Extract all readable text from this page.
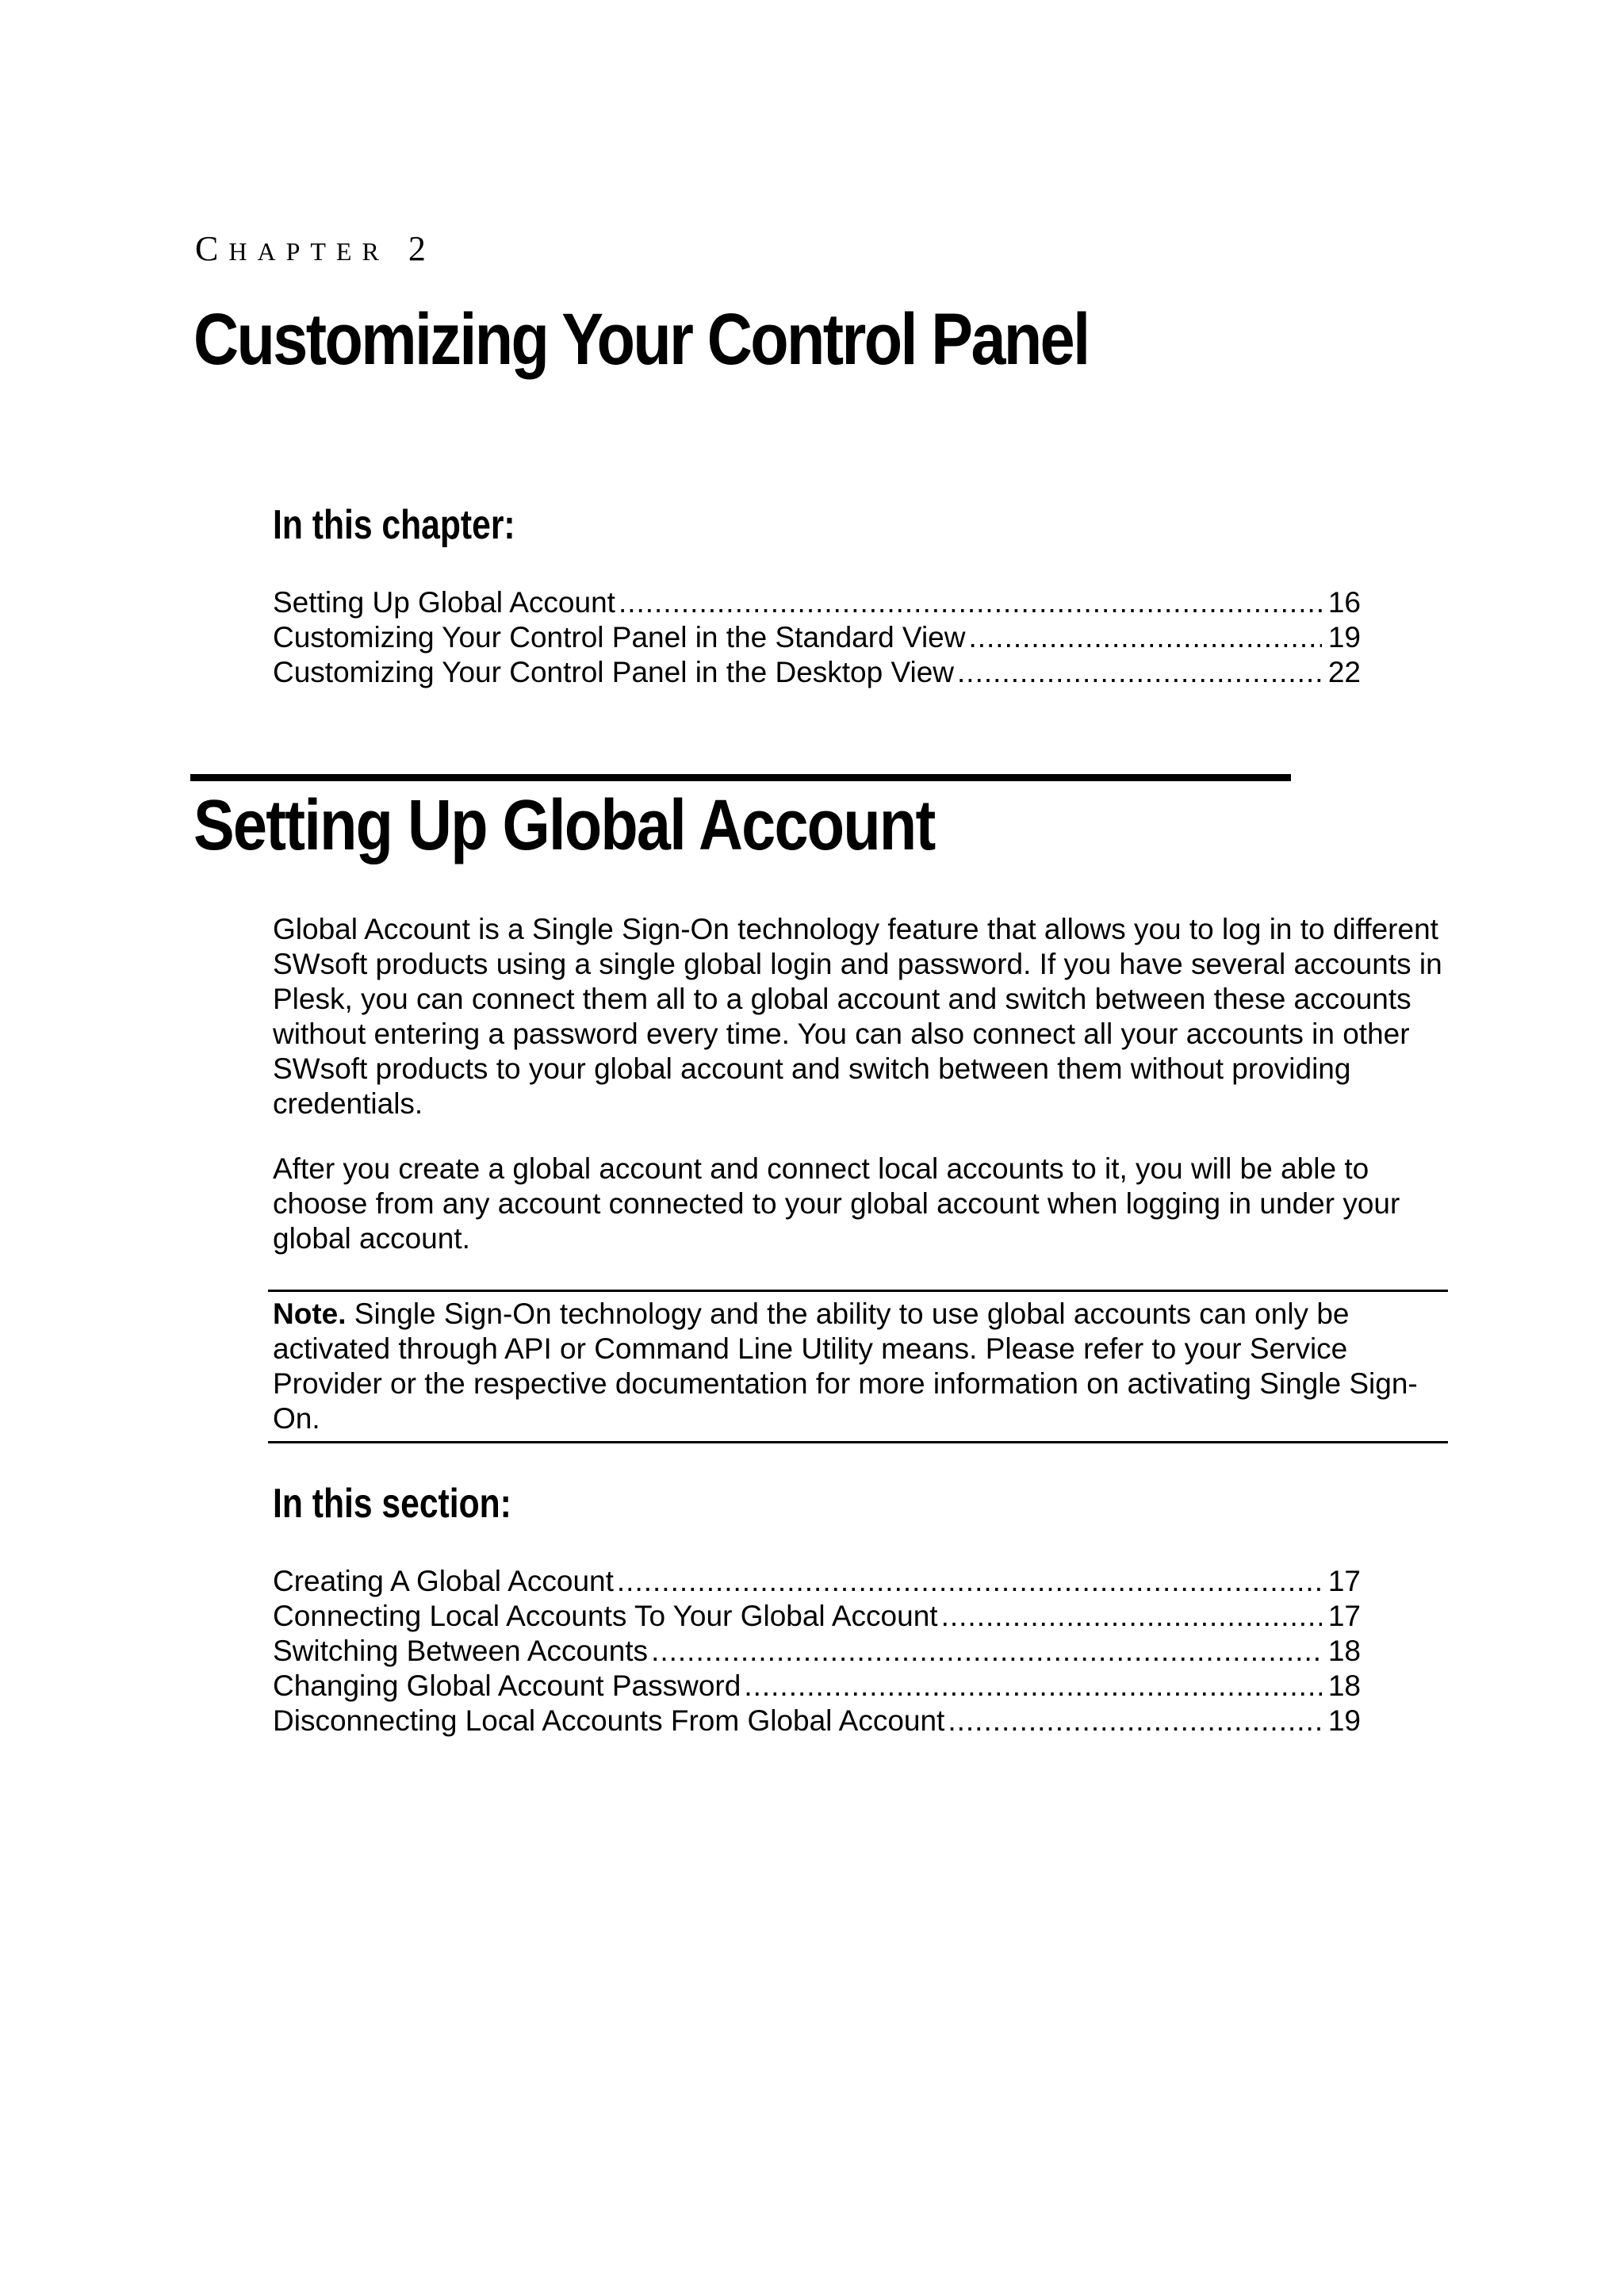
CHAPTER 2
Customizing Your Control Panel
In this chapter:
Setting Up Global Account .....	16
Customizing Your Control Panel in the Standard View .....	19
Customizing Your Control Panel in the Desktop View .....	22
Setting Up Global Account

Global Account is a Single Sign-On technology feature that allows you to log in to different SWsoft products using a single global login and password. If you have several accounts in Plesk, you can connect them all to a global account and switch between these accounts without entering a password every time. You can also connect all your accounts in other SWsoft products to your global account and switch between them without providing credentials.

After you create a global account and connect local accounts to it, you will be able to choose from any account connected to your global account when logging in under your global account.

Note. Single Sign-On technology and the ability to use global accounts can only be activated through API or Command Line Utility means. Please refer to your Service Provider or the respective documentation for more information on activating Single Sign-On.
In this section:
Creating A Global Account .....	17
Connecting Local Accounts To Your Global Account .....	17
Switching Between Accounts .....	18
Changing Global Account Password .....	18
Disconnecting Local Accounts From Global Account .....	19
